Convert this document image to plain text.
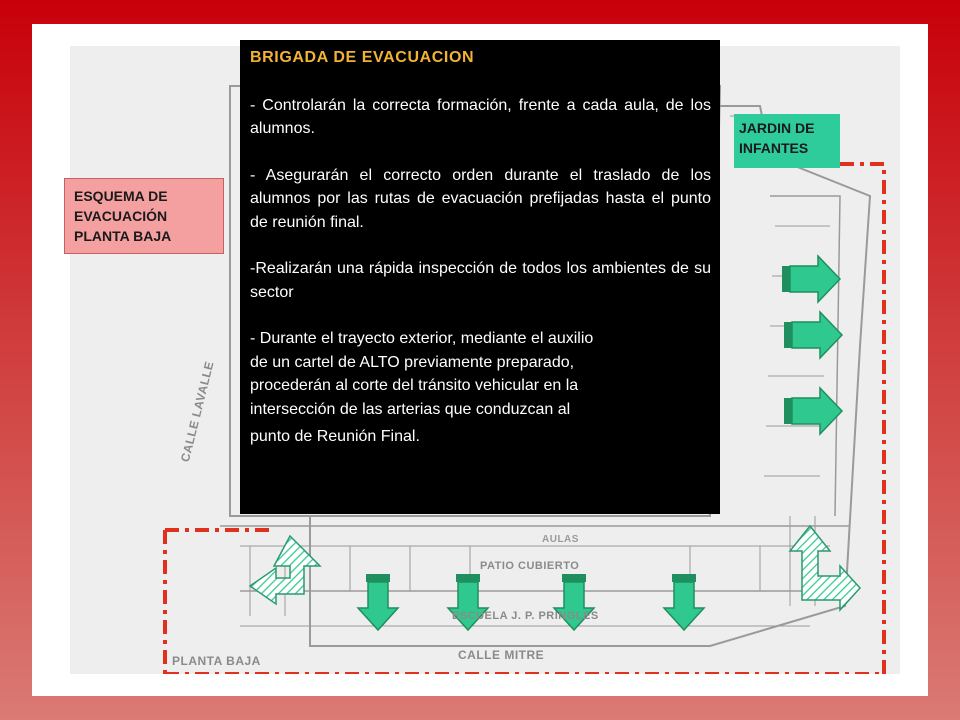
CALLE LAVALLE
CALLE MITRE
PLANTA BAJA
PATIO CUBIERTO
ESCUELA J. P. PRINGLES
AULAS
ESQUEMA DE
EVACUACIÓN
PLANTA BAJA
JARDIN DE
INFANTES
BRIGADA DE EVACUACION
- Controlarán la correcta formación, frente a cada aula, de los alumnos.
- Asegurarán el correcto orden durante el traslado de los alumnos por las rutas de evacuación prefijadas hasta el punto de reunión final.
-Realizarán una rápida inspección de todos los ambientes de su sector
- Durante el trayecto exterior, mediante el auxilio
de un cartel de ALTO previamente preparado,
procederán al corte del tránsito vehicular en la
intersección de las arterias que conduzcan al
punto de Reunión Final.
